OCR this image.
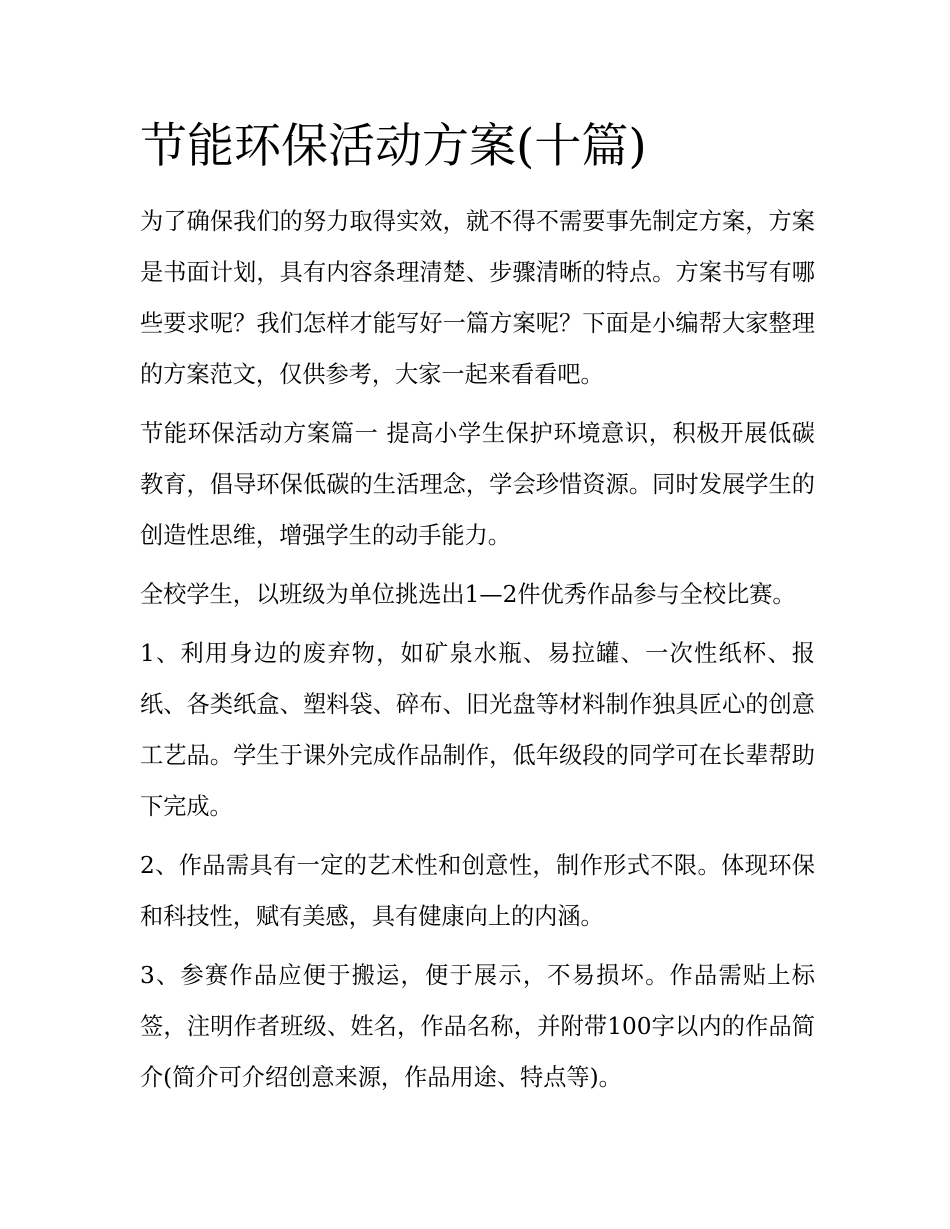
节能环保活动方案(十篇)

为了确保我们的努力取得实效，就不得不需要事先制定方案，方案是书面计划，具有内容条理清楚、步骤清晰的特点。方案书写有哪些要求呢？我们怎样才能写好一篇方案呢？下面是小编帮大家整理的方案范文，仅供参考，大家一起来看看吧。

节能环保活动方案篇一 提高小学生保护环境意识，积极开展低碳教育，倡导环保低碳的生活理念，学会珍惜资源。同时发展学生的创造性思维，增强学生的动手能力。

全校学生，以班级为单位挑选出1—2件优秀作品参与全校比赛。

1、利用身边的废弃物，如矿泉水瓶、易拉罐、一次性纸杯、报纸、各类纸盒、塑料袋、碎布、旧光盘等材料制作独具匠心的创意工艺品。学生于课外完成作品制作，低年级段的同学可在长辈帮助下完成。

2、作品需具有一定的艺术性和创意性，制作形式不限。体现环保和科技性，赋有美感，具有健康向上的内涵。

3、参赛作品应便于搬运，便于展示，不易损坏。作品需贴上标签，注明作者班级、姓名，作品名称，并附带100字以内的作品简介(简介可介绍创意来源，作品用途、特点等)。
